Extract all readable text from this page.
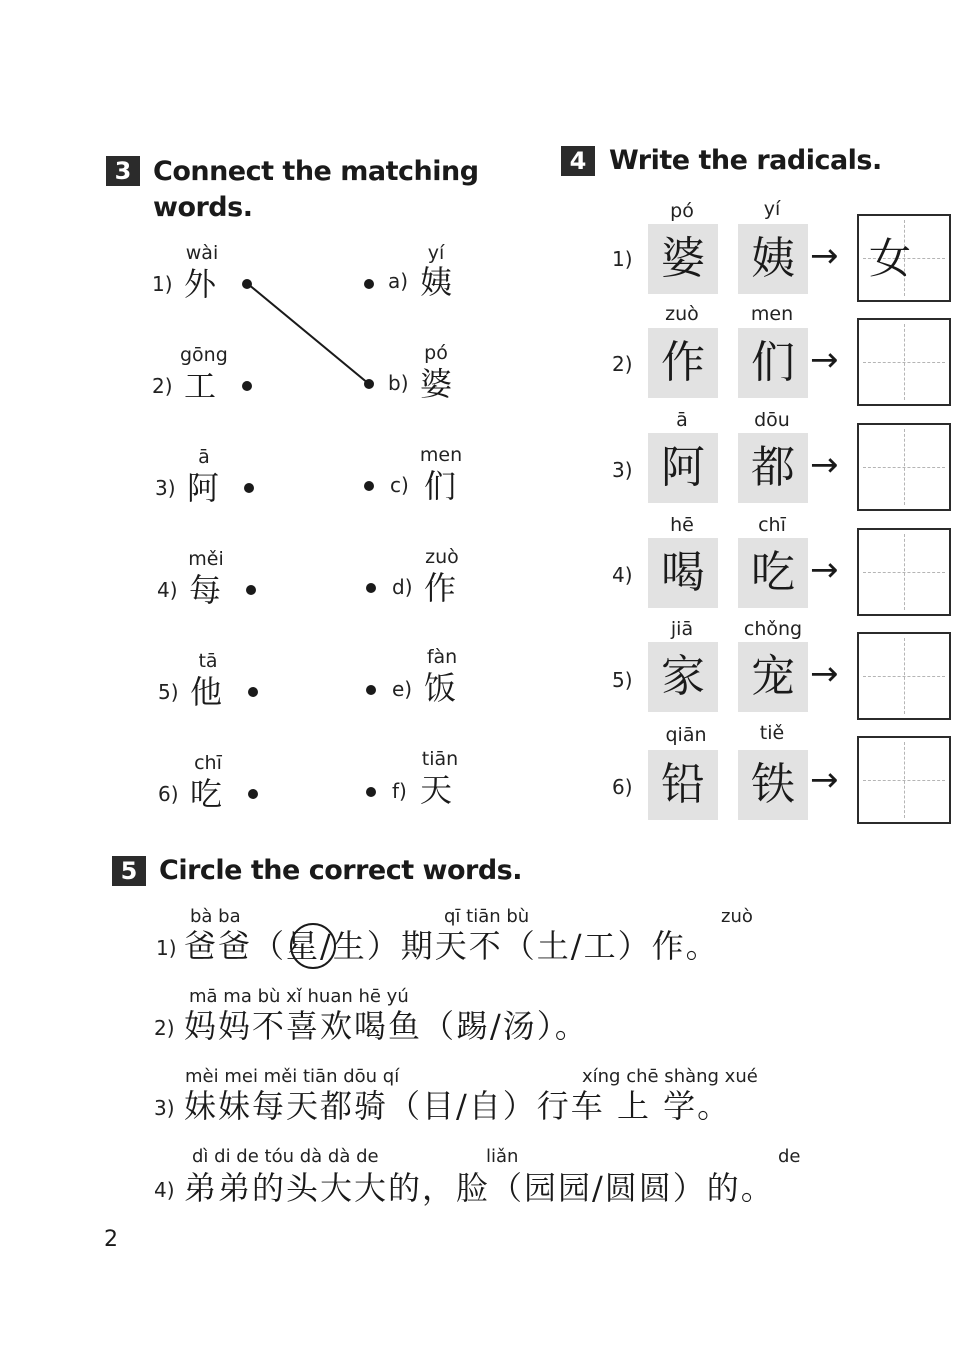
3 Connect the matching
words.
wài
1) 外
gōng
2) 工
ā
3) 阿
měi
4) 每
tā
5) 他
chī
6) 吃
a)
yí
姨
b)
pó
婆
c)
men
们
d)
zuò
作
e)
fàn
饭
f)
tiān
天
4 Write the radicals.
pó	yí
1) 婆 姨 → 女
zuò	men
2) 作 们 →
ā	dōu
3) 阿 都 →
hē	chī
4) 喝 吃 →
jiā	chǒng
5) 家 宠 →
qiān	tiě
6) 铅 铁 →
5 Circle the correct words.
bà ba	qī tiān bù	zuò
1) 爸爸（星/生）期天不（土/工）作。
mā ma bù xǐ huan hē yú
2) 妈妈不喜欢喝鱼（踢/汤）。
mèi mei měi tiān dōu qí	xíng chē shàng xué
3) 妹妹每天都骑（目/自）行车 上 学。
dì di de tóu dà dà de	liǎn	de
4) 弟弟的头大大的，脸（园园/圆圆）的。
2
